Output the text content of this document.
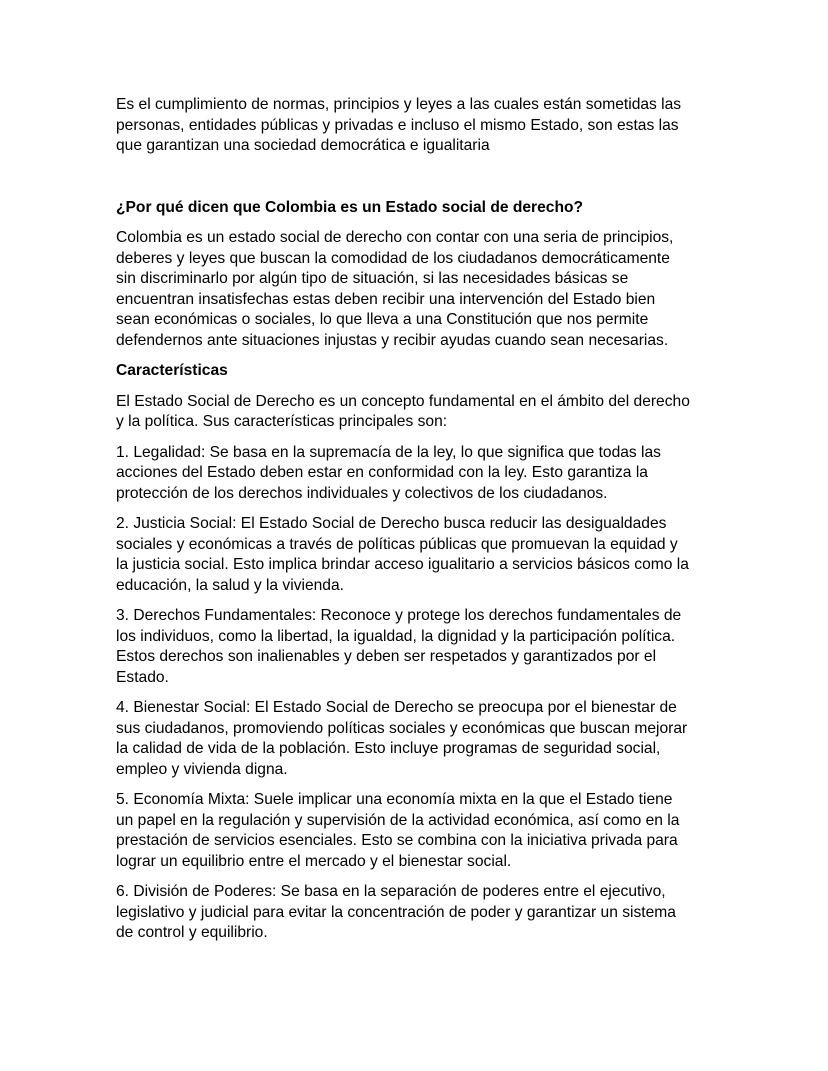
Es el cumplimiento de normas, principios y leyes a las cuales están sometidas las
personas, entidades públicas y privadas e incluso el mismo Estado, son estas las
que garantizan una sociedad democrática e igualitaria

¿Por qué dicen que Colombia es un Estado social de derecho?

Colombia es un estado social de derecho con contar con una seria de principios,
deberes y leyes que buscan la comodidad de los ciudadanos democráticamente
sin discriminarlo por algún tipo de situación, si las necesidades básicas se
encuentran insatisfechas estas deben recibir una intervención del Estado bien
sean económicas o sociales, lo que lleva a una Constitución que nos permite
defendernos ante situaciones injustas y recibir ayudas cuando sean necesarias.

Características

El Estado Social de Derecho es un concepto fundamental en el ámbito del derecho
y la política. Sus características principales son:

1. Legalidad: Se basa en la supremacía de la ley, lo que significa que todas las
acciones del Estado deben estar en conformidad con la ley. Esto garantiza la
protección de los derechos individuales y colectivos de los ciudadanos.

2. Justicia Social: El Estado Social de Derecho busca reducir las desigualdades
sociales y económicas a través de políticas públicas que promuevan la equidad y
la justicia social. Esto implica brindar acceso igualitario a servicios básicos como la
educación, la salud y la vivienda.

3. Derechos Fundamentales: Reconoce y protege los derechos fundamentales de
los individuos, como la libertad, la igualdad, la dignidad y la participación política.
Estos derechos son inalienables y deben ser respetados y garantizados por el
Estado.

4. Bienestar Social: El Estado Social de Derecho se preocupa por el bienestar de
sus ciudadanos, promoviendo políticas sociales y económicas que buscan mejorar
la calidad de vida de la población. Esto incluye programas de seguridad social,
empleo y vivienda digna.

5. Economía Mixta: Suele implicar una economía mixta en la que el Estado tiene
un papel en la regulación y supervisión de la actividad económica, así como en la
prestación de servicios esenciales. Esto se combina con la iniciativa privada para
lograr un equilibrio entre el mercado y el bienestar social.

6. División de Poderes: Se basa en la separación de poderes entre el ejecutivo,
legislativo y judicial para evitar la concentración de poder y garantizar un sistema
de control y equilibrio.
